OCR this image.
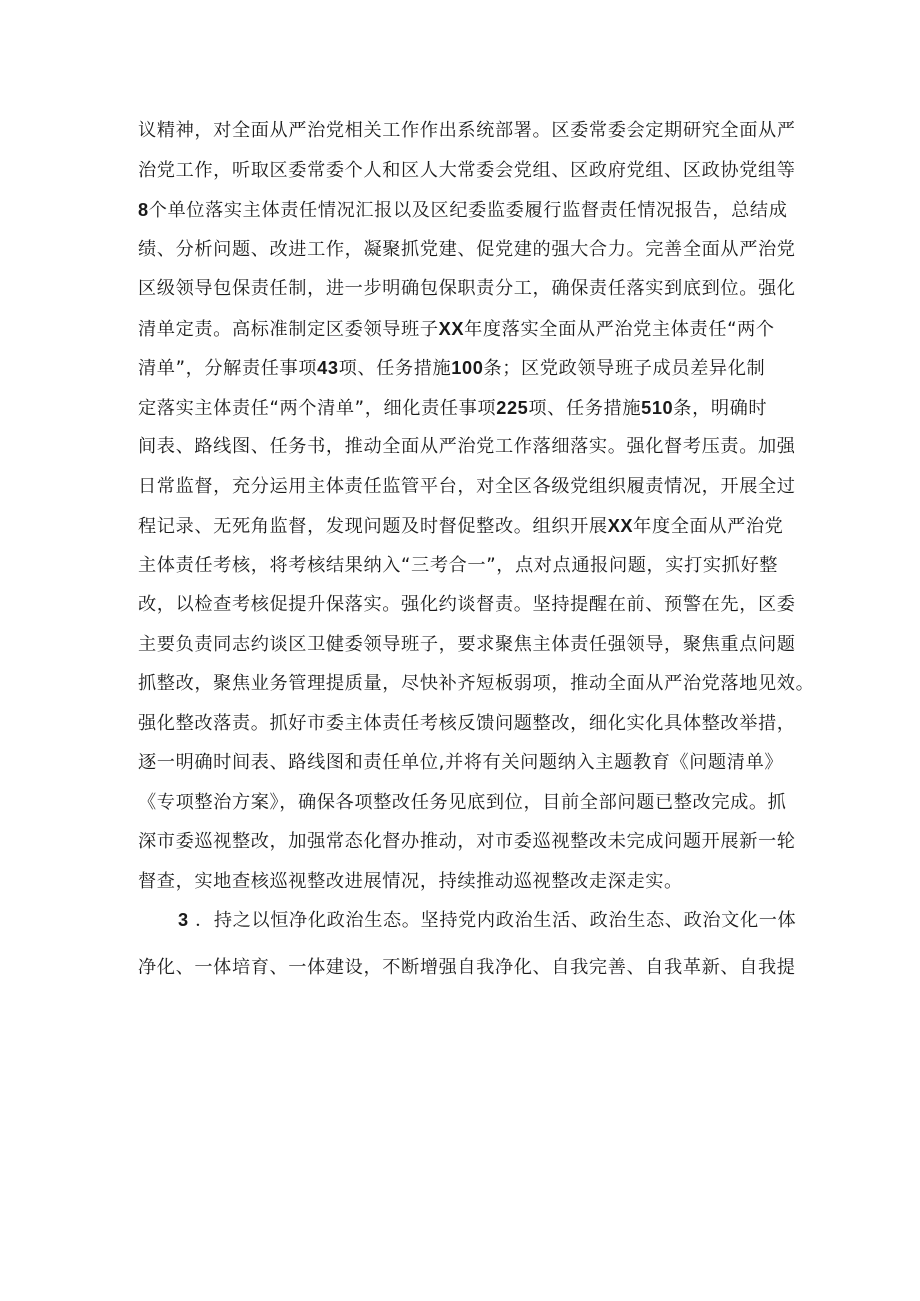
议精神，对全面从严治党相关工作作出系统部署。区委常委会定期研究全面从严
治党工作，听取区委常委个人和区人大常委会党组、区政府党组、区政协党组等
8个单位落实主体责任情况汇报以及区纪委监委履行监督责任情况报告，总结成
绩、分析问题、改进工作，凝聚抓党建、促党建的强大合力。完善全面从严治党
区级领导包保责任制，进一步明确包保职责分工，确保责任落实到底到位。强化
清单定责。高标准制定区委领导班子XX年度落实全面从严治党主体责任“两个
清单”，分解责任事项43项、任务措施100条；区党政领导班子成员差异化制
定落实主体责任“两个清单”，细化责任事项225项、任务措施510条，明确时
间表、路线图、任务书，推动全面从严治党工作落细落实。强化督考压责。加强
日常监督，充分运用主体责任监管平台，对全区各级党组织履责情况，开展全过
程记录、无死角监督，发现问题及时督促整改。组织开展XX年度全面从严治党
主体责任考核，将考核结果纳入“三考合一”，点对点通报问题，实打实抓好整
改，以检查考核促提升保落实。强化约谈督责。坚持提醒在前、预警在先，区委
主要负责同志约谈区卫健委领导班子，要求聚焦主体责任强领导，聚焦重点问题
抓整改，聚焦业务管理提质量，尽快补齐短板弱项，推动全面从严治党落地见效。
强化整改落责。抓好市委主体责任考核反馈问题整改，细化实化具体整改举措，
逐一明确时间表、路线图和责任单位,并将有关问题纳入主题教育《问题清单》
《专项整治方案》，确保各项整改任务见底到位，目前全部问题已整改完成。抓
深市委巡视整改，加强常态化督办推动，对市委巡视整改未完成问题开展新一轮
督查，实地查核巡视整改进展情况，持续推动巡视整改走深走实。
3 ．持之以恒净化政治生态。坚持党内政治生活、政治生态、政治文化一体
净化、一体培育、一体建设，不断增强自我净化、自我完善、自我革新、自我提
